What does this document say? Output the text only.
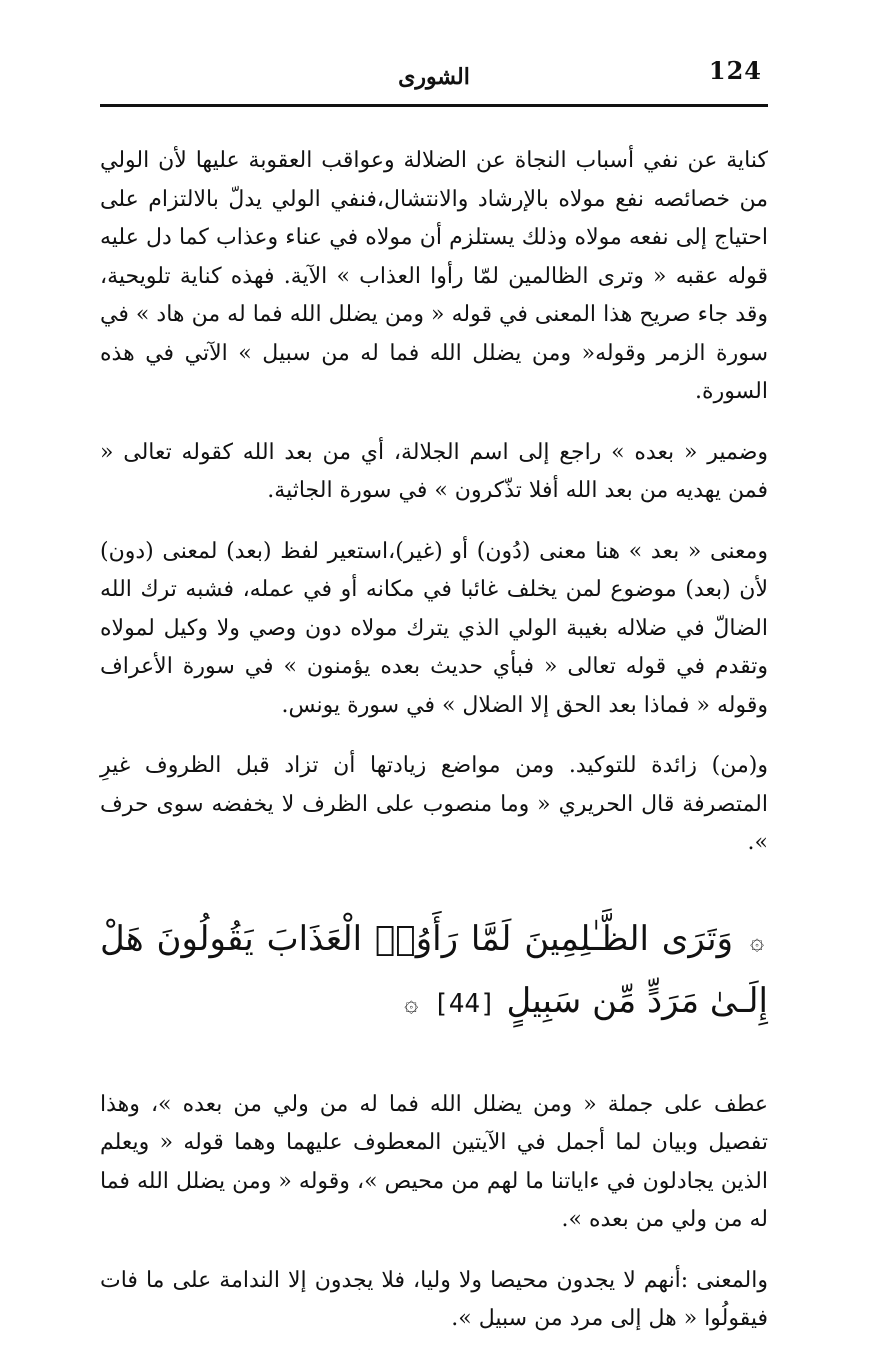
124
الشورى

كناية عن نفي أسباب النجاة عن الضلالة وعواقب العقوبة عليها لأن الولي من خصائصه نفع مولاه بالإرشاد والانتشال،فنفي الولي يدلّ بالالتزام على احتياج إلى نفعه مولاه وذلك يستلزم أن مولاه في عناء وعذاب كما دل عليه قوله عقبه « وترى الظالمين لمّا رأوا العذاب » الآية. فهذه كناية تلويحية، وقد جاء صريح هذا المعنى في قوله « ومن يضلل الله فما له من هاد » في سورة الزمر وقوله« ومن يضلل الله فما له من سبيل » الآتي في هذه السورة.

وضمير « بعده » راجع إلى اسم الجلالة، أي من بعد الله كقوله تعالى « فمن يهديه من بعد الله أفلا تذّكرون » في سورة الجاثية.

ومعنى « بعد » هنا معنى (دُون) أو (غير)،استعير لفظ (بعد) لمعنى (دون) لأن (بعد) موضوع لمن يخلف غائبا في مكانه أو في عمله، فشبه ترك الله الضالّ في ضلاله بغيبة الولي الذي يترك مولاه دون وصي ولا وكيل لمولاه وتقدم في قوله تعالى « فبأي حديث بعده يؤمنون » في سورة الأعراف وقوله « فماذا بعد الحق إلا الضلال » في سورة يونس.

و(من) زائدة للتوكيد. ومن مواضع زيادتها أن تزاد قبل الظروف غيرِ المتصرفة قال الحريري « وما منصوب على الظرف لا يخفضه سوى حرف ».

۞ وَتَرَى الظَّـٰلِمِينَ لَمَّا رَأَوُا۟ الْعَذَابَ يَقُولُونَ هَلْ إِلَـىٰ مَرَدٍّ مِّن سَبِيلٍ [44] ۞

عطف على جملة « ومن يضلل الله فما له من ولي من بعده »، وهذا تفصيل وبيان لما أجمل في الآيتين المعطوف عليهما وهما قوله « ويعلم الذين يجادلون في ءاياتنا ما لهم من محيص »، وقوله « ومن يضلل الله فما له من ولي من بعده ».

والمعنى :أنهم لا يجدون محيصا ولا وليا، فلا يجدون إلا الندامة على ما فات فيقولُوا « هل إلى مرد من سبيل ».
